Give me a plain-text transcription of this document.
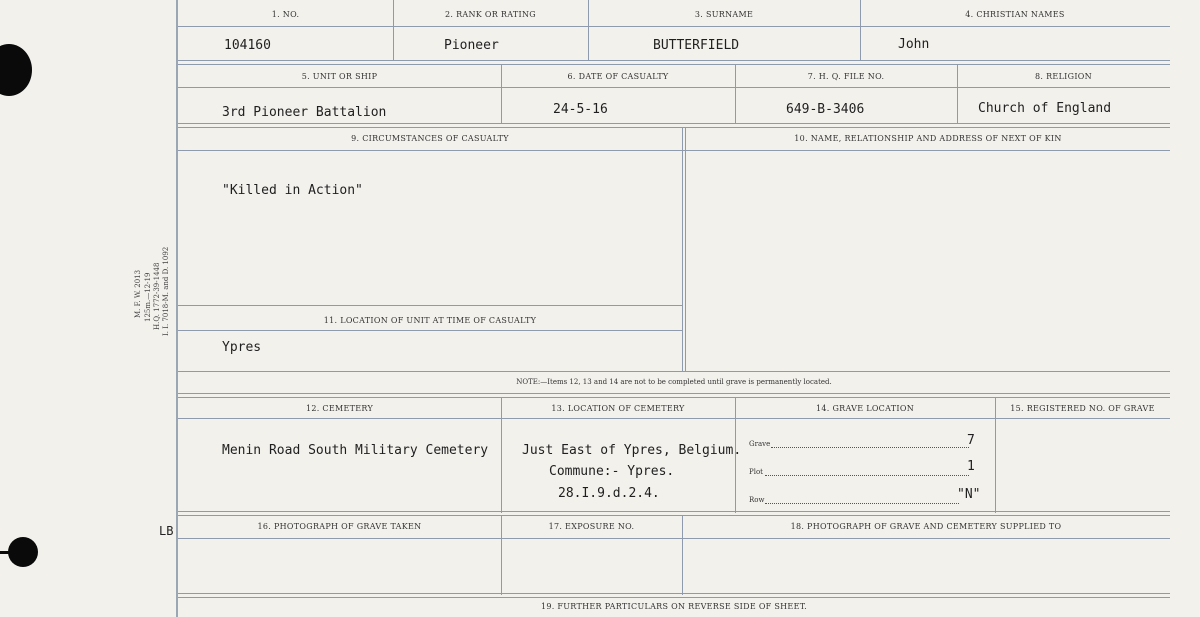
M. F. W. 2013 125m.—12-19 H.Q. 1772-39-1448 I. I. 7018-M. and D. 1092
LB
1. NO.	2. RANK OR RATING	3. SURNAME	4. CHRISTIAN NAMES
104160	Pioneer	BUTTERFIELD	John
5. UNIT OR SHIP	6. DATE OF CASUALTY	7. H. Q. FILE NO.	8. RELIGION
3rd Pioneer Battalion	24-5-16	649-B-3406	Church of England
9. CIRCUMSTANCES OF CASUALTY	10. NAME, RELATIONSHIP AND ADDRESS OF NEXT OF KIN
"Killed in Action"
11. LOCATION OF UNIT AT TIME OF CASUALTY
Ypres
NOTE:—Items 12, 13 and 14 are not to be completed until grave is permanently located.
12. CEMETERY	13. LOCATION OF CEMETERY	14. GRAVE LOCATION	15. REGISTERED NO. OF GRAVE
Menin Road South Military Cemetery	Just East of Ypres, Belgium.
Commune:- Ypres.
28.I.9.d.2.4.
Grave	7
Plot	1
Row	"N"
16. PHOTOGRAPH OF GRAVE TAKEN	17. EXPOSURE NO.	18. PHOTOGRAPH OF GRAVE AND CEMETERY SUPPLIED TO
19. FURTHER PARTICULARS ON REVERSE SIDE OF SHEET.
